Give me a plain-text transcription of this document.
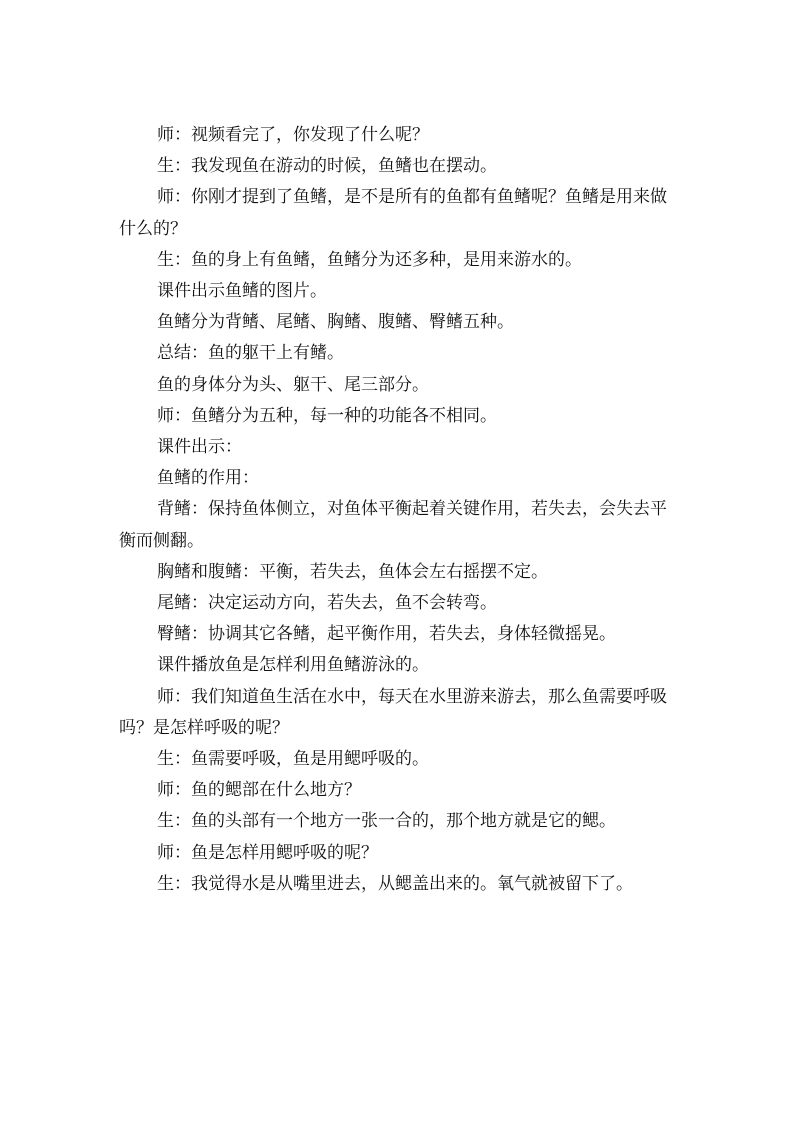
师：视频看完了，你发现了什么呢？

生：我发现鱼在游动的时候，鱼鳍也在摆动。

师：你刚才提到了鱼鳍，是不是所有的鱼都有鱼鳍呢？鱼鳍是用来做什么的？

生：鱼的身上有鱼鳍，鱼鳍分为还多种，是用来游水的。

课件出示鱼鳍的图片。

鱼鳍分为背鳍、尾鳍、胸鳍、腹鳍、臀鳍五种。

总结：鱼的躯干上有鳍。

鱼的身体分为头、躯干、尾三部分。

师：鱼鳍分为五种，每一种的功能各不相同。

课件出示：

鱼鳍的作用：

背鳍：保持鱼体侧立，对鱼体平衡起着关键作用，若失去，会失去平衡而侧翻。

胸鳍和腹鳍：平衡，若失去，鱼体会左右摇摆不定。

尾鳍：决定运动方向，若失去，鱼不会转弯。

臀鳍：协调其它各鳍，起平衡作用，若失去，身体轻微摇晃。

课件播放鱼是怎样利用鱼鳍游泳的。

师：我们知道鱼生活在水中，每天在水里游来游去，那么鱼需要呼吸吗？是怎样呼吸的呢？

生：鱼需要呼吸，鱼是用鳃呼吸的。

师：鱼的鳃部在什么地方？

生：鱼的头部有一个地方一张一合的，那个地方就是它的鳃。

师：鱼是怎样用鳃呼吸的呢？

生：我觉得水是从嘴里进去，从鳃盖出来的。氧气就被留下了。
